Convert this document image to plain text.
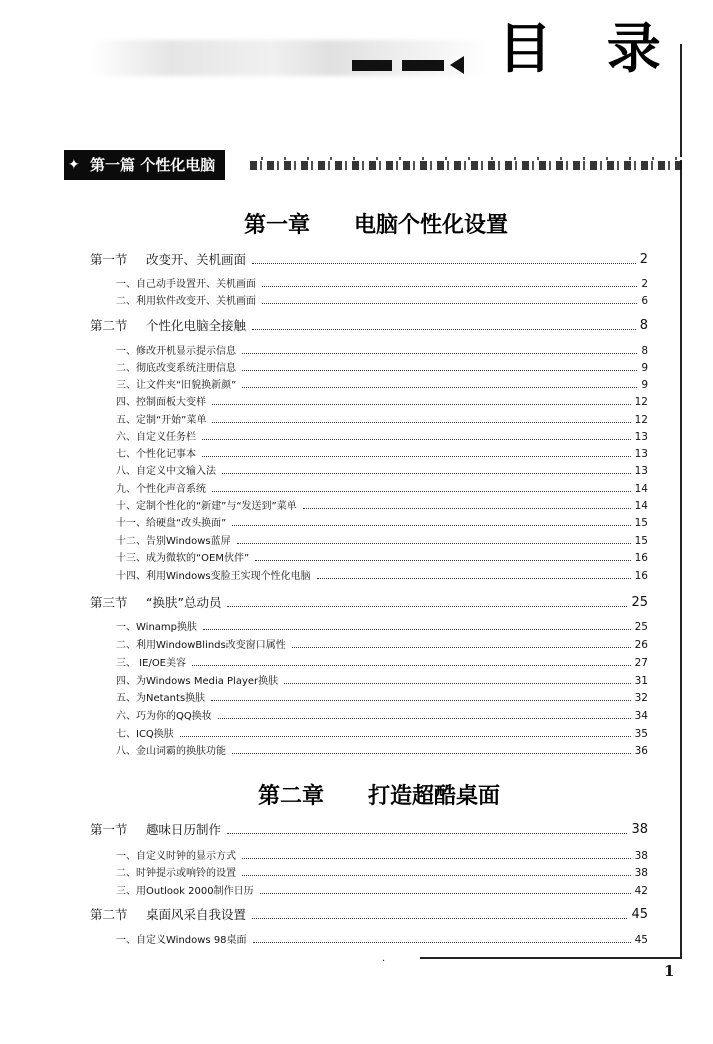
目 录
·
✦ 第一篇 个性化电脑
第一章 电脑个性化设置
第一节 改变开、关机画面	2
一、自己动手设置开、关机画面	2
二、利用软件改变开、关机画面	6
第二节 个性化电脑全接触	8
一、修改开机显示提示信息	8
二、彻底改变系统注册信息	9
三、让文件夹“旧貌换新颜”	9
四、控制面板大变样	12
五、定制“开始”菜单	12
六、自定义任务栏	13
七、个性化记事本	13
八、自定义中文输入法	13
九、个性化声音系统	14
十、定制个性化的“新建”与“发送到”菜单	14
十一、给硬盘“改头换面”	15
十二、告别Windows蓝屏	15
十三、成为微软的“OEM伙伴”	16
十四、利用Windows变脸王实现个性化电脑	16
第三节 “换肤”总动员	25
一、Winamp换肤	25
二、利用WindowBlinds改变窗口属性	26
三、 IE/OE美容	27
四、为Windows Media Player换肤	31
五、为Netants换肤	32
六、巧为你的QQ换妆	34
七、ICQ换肤	35
八、金山词霸的换肤功能	36
第二章 打造超酷桌面
第一节 趣味日历制作	38
一、自定义时钟的显示方式	38
二、时钟提示或响铃的设置	38
三、用Outlook 2000制作日历	42
第二节 桌面风采自我设置	45
一、自定义Windows 98桌面	45
1
